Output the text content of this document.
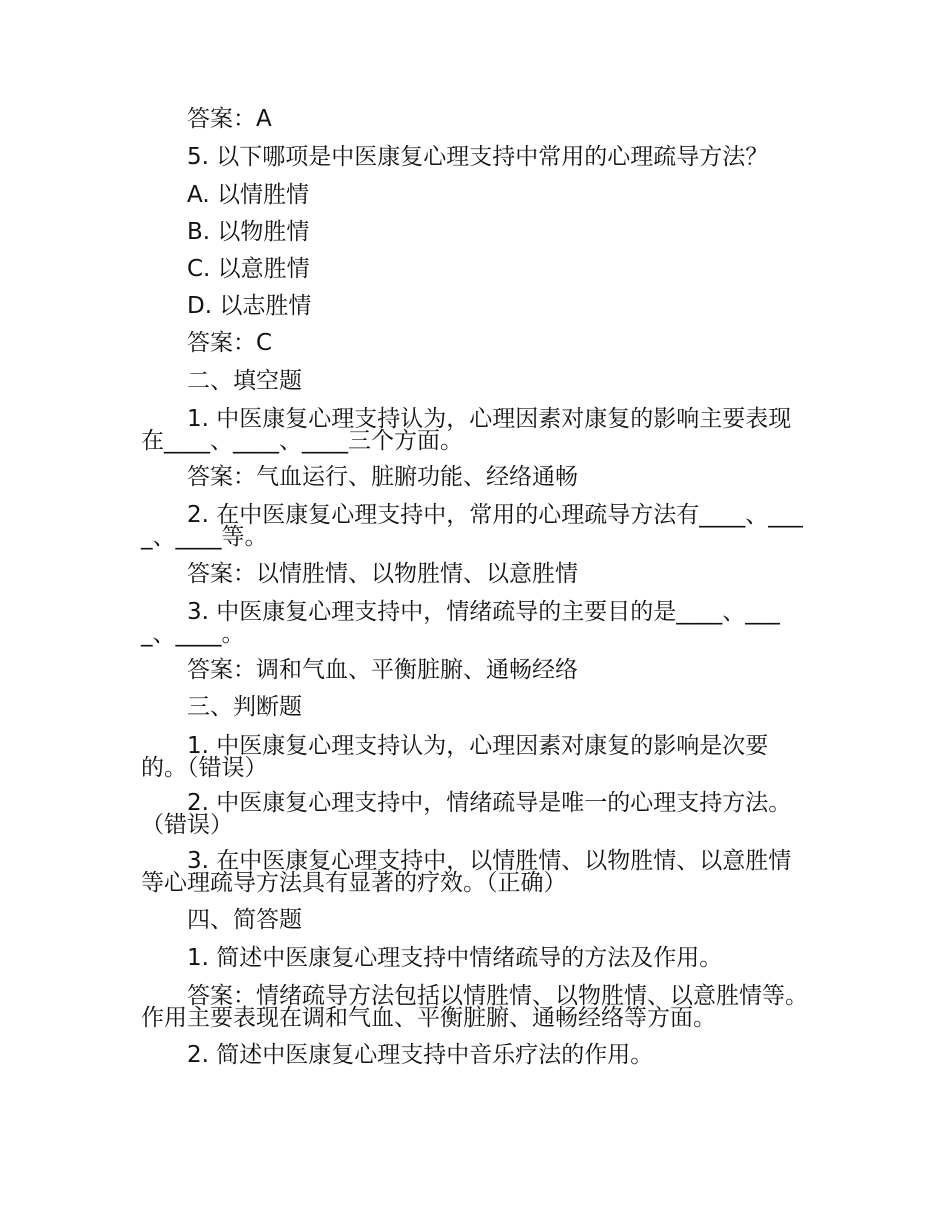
答案：A
5. 以下哪项是中医康复心理支持中常用的心理疏导方法？
A. 以情胜情
B. 以物胜情
C. 以意胜情
D. 以志胜情
答案：C
二、填空题
1. 中医康复心理支持认为，心理因素对康复的影响主要表现在____、____、____三个方面。
答案：气血运行、脏腑功能、经络通畅
2. 在中医康复心理支持中，常用的心理疏导方法有____、____、____等。
答案：以情胜情、以物胜情、以意胜情
3. 中医康复心理支持中，情绪疏导的主要目的是____、____、____。
答案：调和气血、平衡脏腑、通畅经络
三、判断题
1. 中医康复心理支持认为，心理因素对康复的影响是次要的。（错误）
2. 中医康复心理支持中，情绪疏导是唯一的心理支持方法。（错误）
3. 在中医康复心理支持中，以情胜情、以物胜情、以意胜情等心理疏导方法具有显著的疗效。（正确）
四、简答题
1. 简述中医康复心理支持中情绪疏导的方法及作用。
答案：情绪疏导方法包括以情胜情、以物胜情、以意胜情等。作用主要表现在调和气血、平衡脏腑、通畅经络等方面。
2. 简述中医康复心理支持中音乐疗法的作用。
